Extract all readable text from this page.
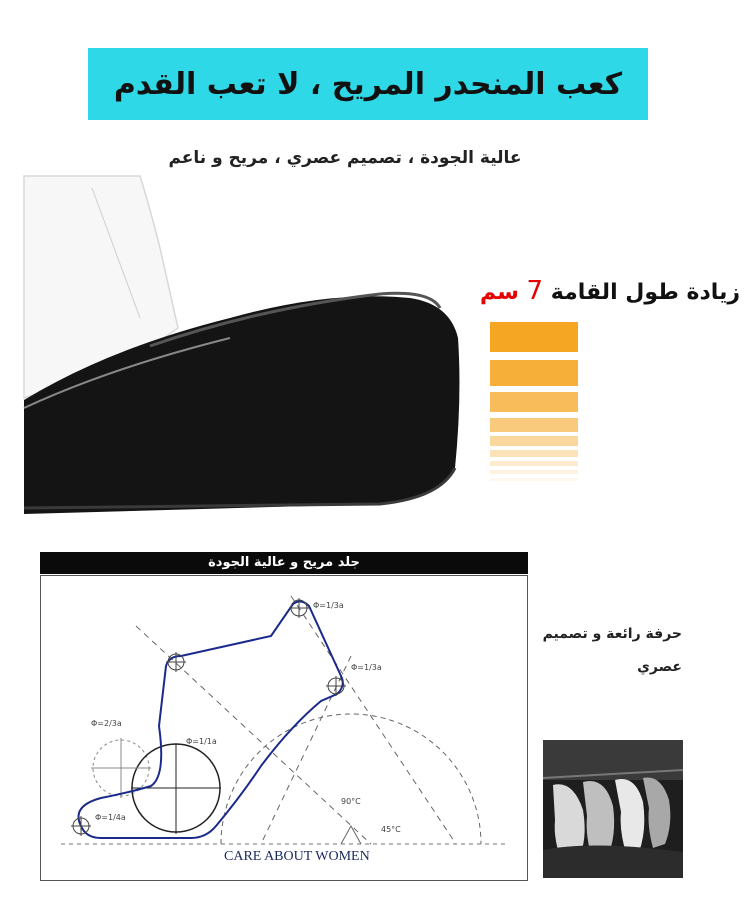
كعب المنحدر المريح ، لا تعب القدم
عالية الجودة ، تصميم عصري ، مريح و ناعم
زيادة طول القامة 7 سم
جلد مريح و عالية الجودة
Φ=1/3a
Φ=1/3a
Φ=2/3a
Φ=1/1a
Φ=1/4a
90°C
45°C
CARE ABOUT WOMEN
حرفة رائعة و تصميم
عصري
